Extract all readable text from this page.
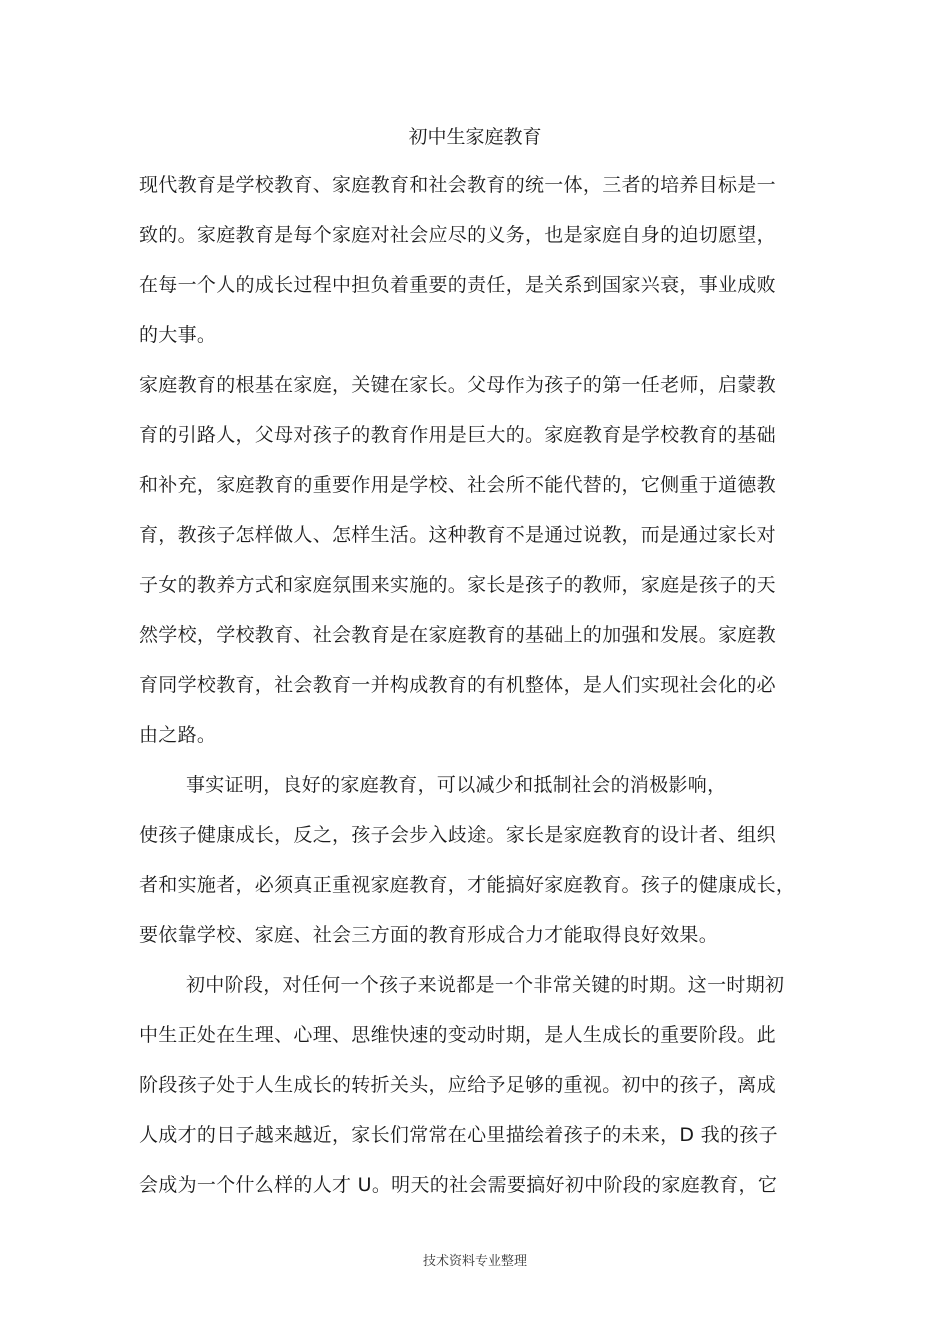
初中生家庭教育
现代教育是学校教育、家庭教育和社会教育的统一体，三者的培养目标是一
致的。家庭教育是每个家庭对社会应尽的义务，也是家庭自身的迫切愿望，
在每一个人的成长过程中担负着重要的责任，是关系到国家兴衰，事业成败
的大事。
家庭教育的根基在家庭，关键在家长。父母作为孩子的第一任老师，启蒙教
育的引路人，父母对孩子的教育作用是巨大的。家庭教育是学校教育的基础
和补充，家庭教育的重要作用是学校、社会所不能代替的，它侧重于道德教
育，教孩子怎样做人、怎样生活。这种教育不是通过说教，而是通过家长对
子女的教养方式和家庭氛围来实施的。家长是孩子的教师，家庭是孩子的天
然学校，学校教育、社会教育是在家庭教育的基础上的加强和发展。家庭教
育同学校教育，社会教育一并构成教育的有机整体，是人们实现社会化的必
由之路。
事实证明，良好的家庭教育，可以减少和抵制社会的消极影响，
使孩子健康成长，反之，孩子会步入歧途。家长是家庭教育的设计者、组织
者和实施者，必须真正重视家庭教育，才能搞好家庭教育。孩子的健康成长，
要依靠学校、家庭、社会三方面的教育形成合力才能取得良好效果。
初中阶段，对任何一个孩子来说都是一个非常关键的时期。这一时期初
中生正处在生理、心理、思维快速的变动时期，是人生成长的重要阶段。此
阶段孩子处于人生成长的转折关头，应给予足够的重视。初中的孩子，离成
人成才的日子越来越近，家长们常常在心里描绘着孩子的未来，D 我的孩子
会成为一个什么样的人才 U。明天的社会需要搞好初中阶段的家庭教育，它
技术资料专业整理
